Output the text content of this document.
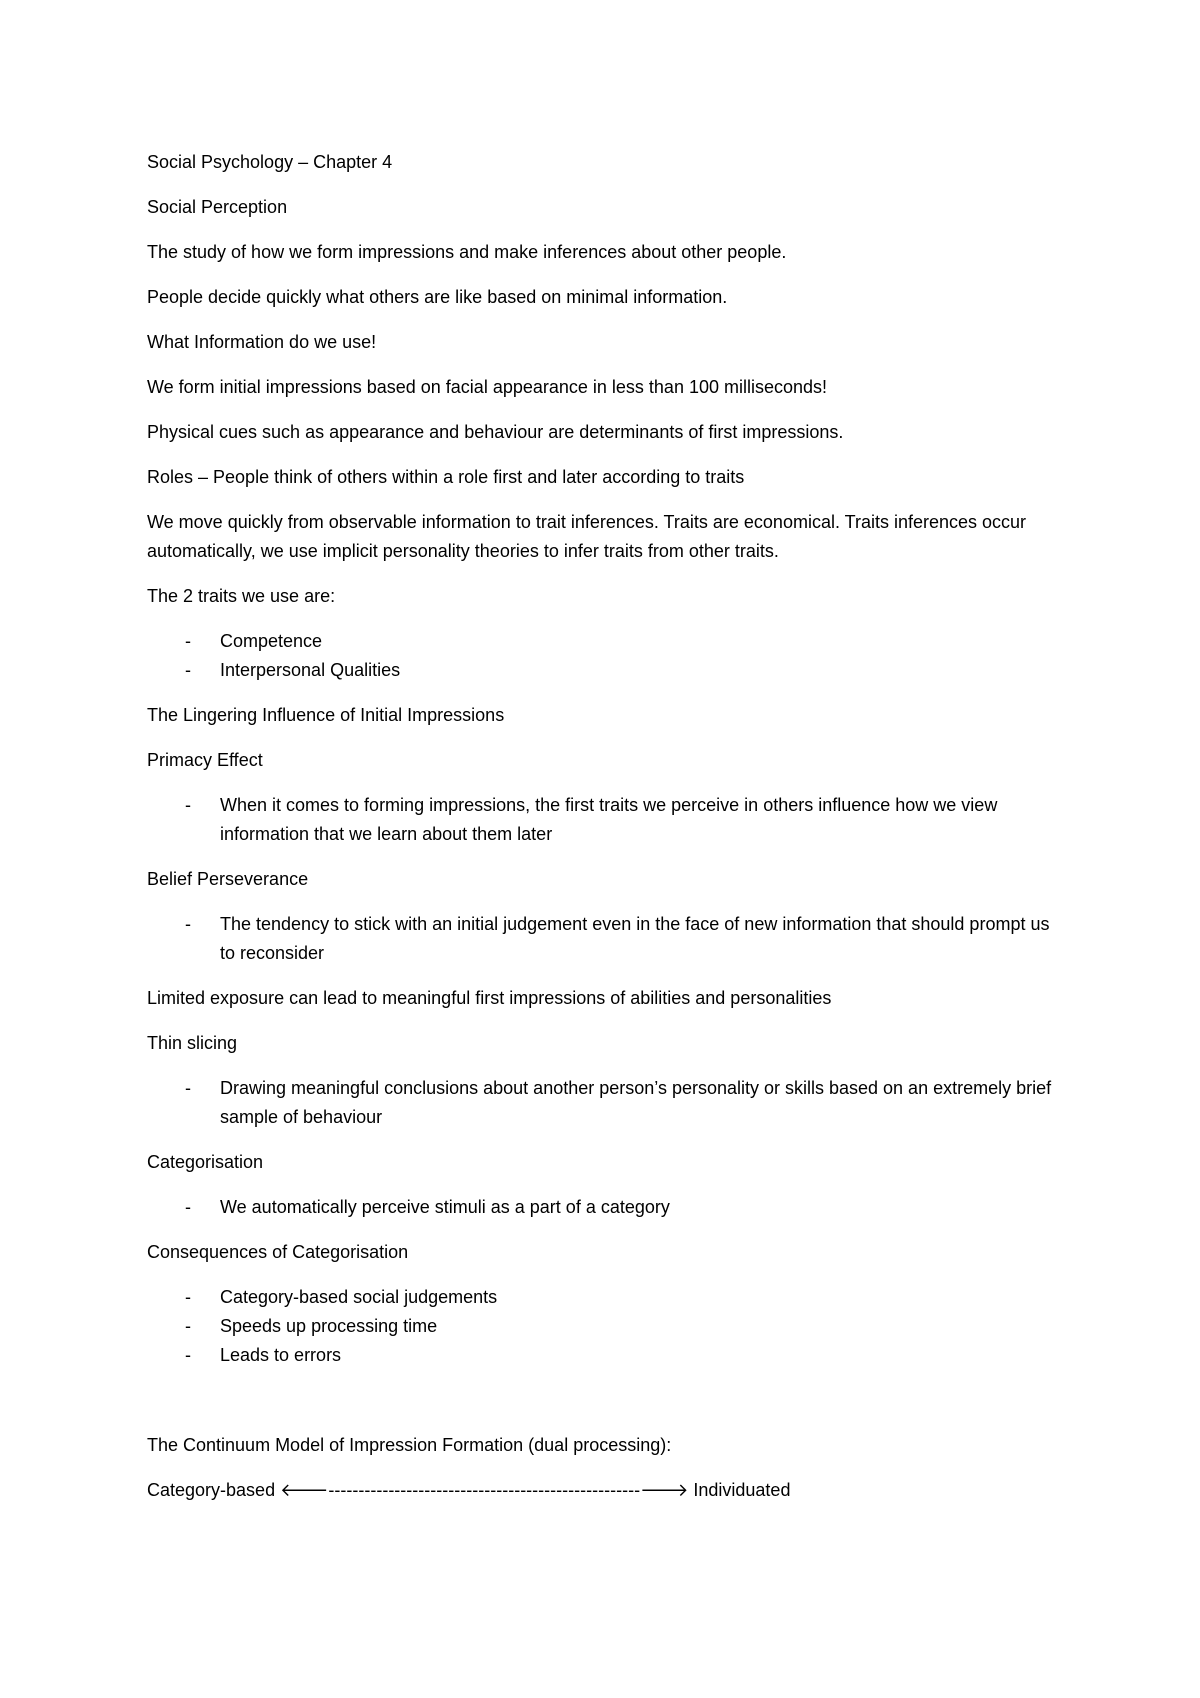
Social Psychology – Chapter 4

Social Perception

The study of how we form impressions and make inferences about other people.

People decide quickly what others are like based on minimal information.

What Information do we use!

We form initial impressions based on facial appearance in less than 100 milliseconds!

Physical cues such as appearance and behaviour are determinants of first impressions.

Roles – People think of others within a role first and later according to traits

We move quickly from observable information to trait inferences. Traits are economical. Traits inferences occur automatically, we use implicit personality theories to infer traits from other traits.

The 2 traits we use are:

- Competence
- Interpersonal Qualities

The Lingering Influence of Initial Impressions

Primacy Effect

- When it comes to forming impressions, the first traits we perceive in others influence how we view information that we learn about them later

Belief Perseverance

- The tendency to stick with an initial judgement even in the face of new information that should prompt us to reconsider

Limited exposure can lead to meaningful first impressions of abilities and personalities

Thin slicing

- Drawing meaningful conclusions about another person’s personality or skills based on an extremely brief sample of behaviour

Categorisation

- We automatically perceive stimuli as a part of a category

Consequences of Categorisation

- Category-based social judgements
- Speeds up processing time
- Leads to errors

The Continuum Model of Impression Formation (dual processing):

Category-based 🡐----------------------------------------------------🡒 Individuated
